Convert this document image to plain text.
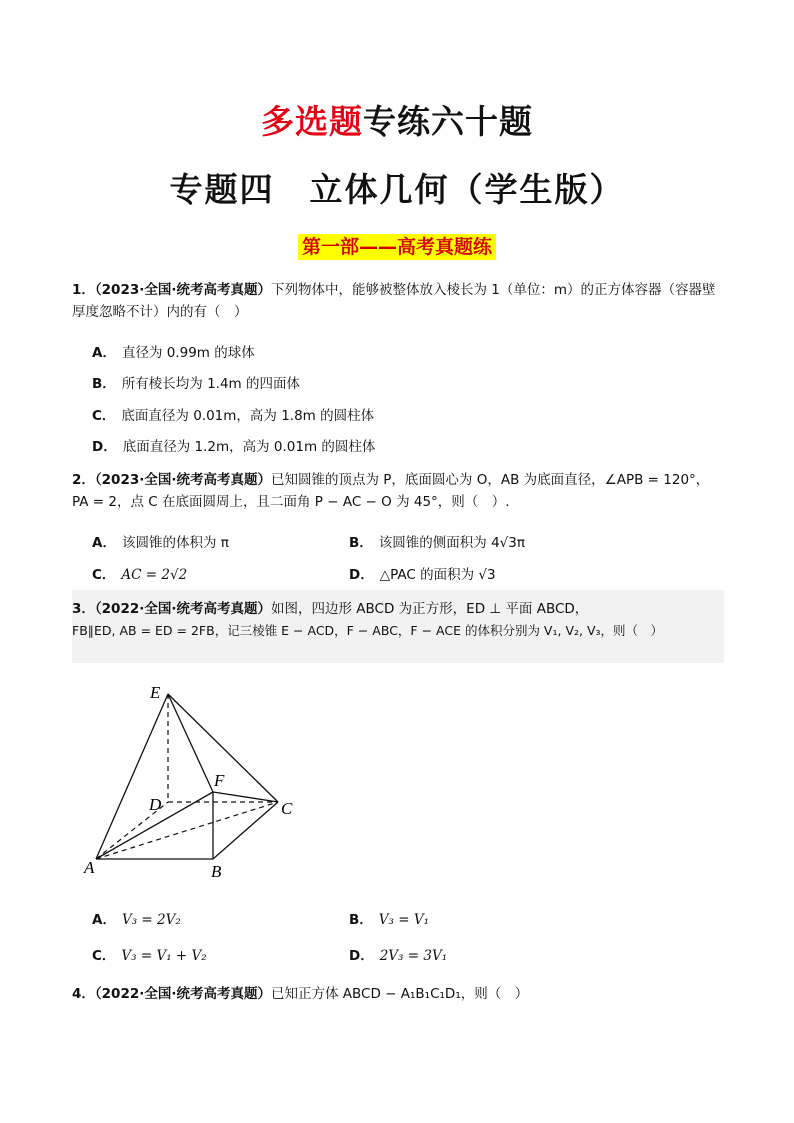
多选题专练六十题
专题四　立体几何（学生版）
第一部——高考真题练
1．（2023·全国·统考高考真题）下列物体中，能够被整体放入棱长为 1（单位：m）的正方体容器（容器壁
厚度忽略不计）内的有（　）
A． 直径为 0.99m 的球体
B． 所有棱长均为 1.4m 的四面体
C． 底面直径为 0.01m，高为 1.8m 的圆柱体
D． 底面直径为 1.2m，高为 0.01m 的圆柱体
2．（2023·全国·统考高考真题）已知圆锥的顶点为 P，底面圆心为 O，AB 为底面直径，∠APB = 120°，
PA = 2，点 C 在底面圆周上，且二面角 P − AC − O 为 45°，则（　）.
A． 该圆锥的体积为 π	B． 该圆锥的侧面积为 4√3π
C． AC = 2√2	D． △PAC 的面积为 √3
3．（2022·全国·统考高考真题）如图，四边形 ABCD 为正方形，ED ⊥ 平面 ABCD，
FB∥ED, AB = ED = 2FB，记三棱锥 E − ACD，F − ABC，F − ACE 的体积分别为 V₁, V₂, V₃，则（　）
E
F
D	C
A	B
A． V₃ = 2V₂	B． V₃ = V₁
C． V₃ = V₁ + V₂	D． 2V₃ = 3V₁
4．（2022·全国·统考高考真题）已知正方体 ABCD − A₁B₁C₁D₁，则（　）
